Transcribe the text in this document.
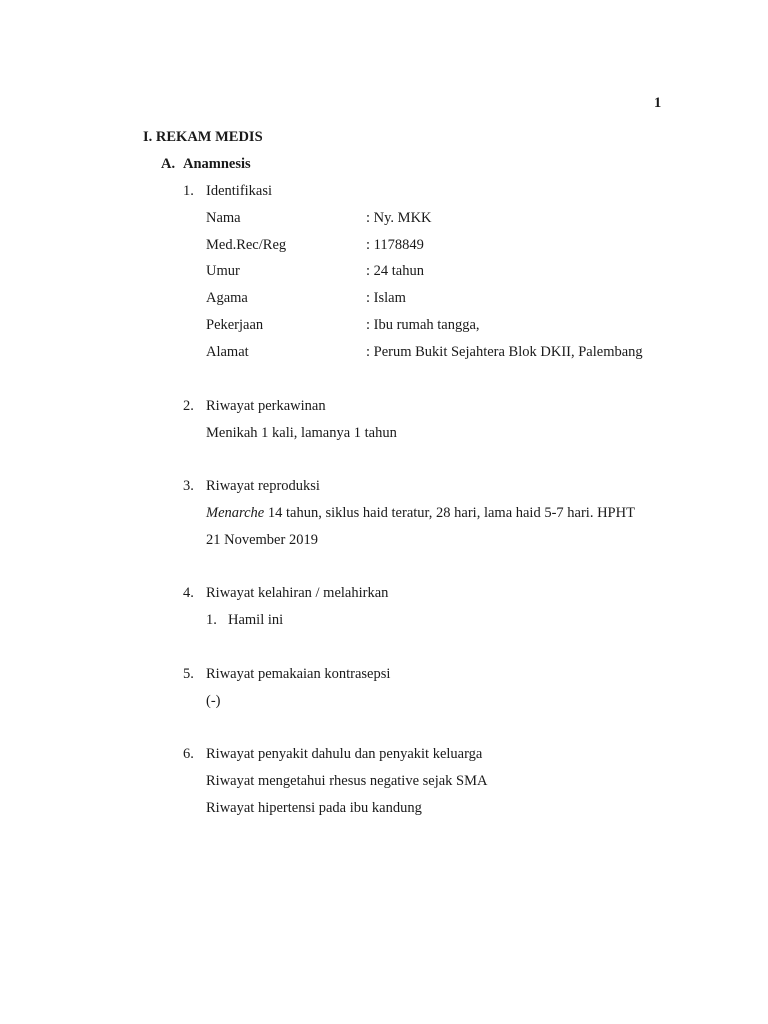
1
I. REKAM MEDIS
A. Anamnesis
1. Identifikasi
Nama	: Ny. MKK
Med.Rec/Reg	: 1178849
Umur	: 24 tahun
Agama	: Islam
Pekerjaan	: Ibu rumah tangga,
Alamat	: Perum Bukit Sejahtera Blok DKII, Palembang
2. Riwayat perkawinan
Menikah 1 kali, lamanya 1 tahun
3. Riwayat reproduksi
Menarche 14 tahun, siklus haid teratur, 28 hari, lama haid 5-7 hari. HPHT
21 November 2019
4. Riwayat kelahiran / melahirkan
1. Hamil ini
5. Riwayat pemakaian kontrasepsi
(-)
6. Riwayat penyakit dahulu dan penyakit keluarga
Riwayat mengetahui rhesus negative sejak SMA
Riwayat hipertensi pada ibu kandung
